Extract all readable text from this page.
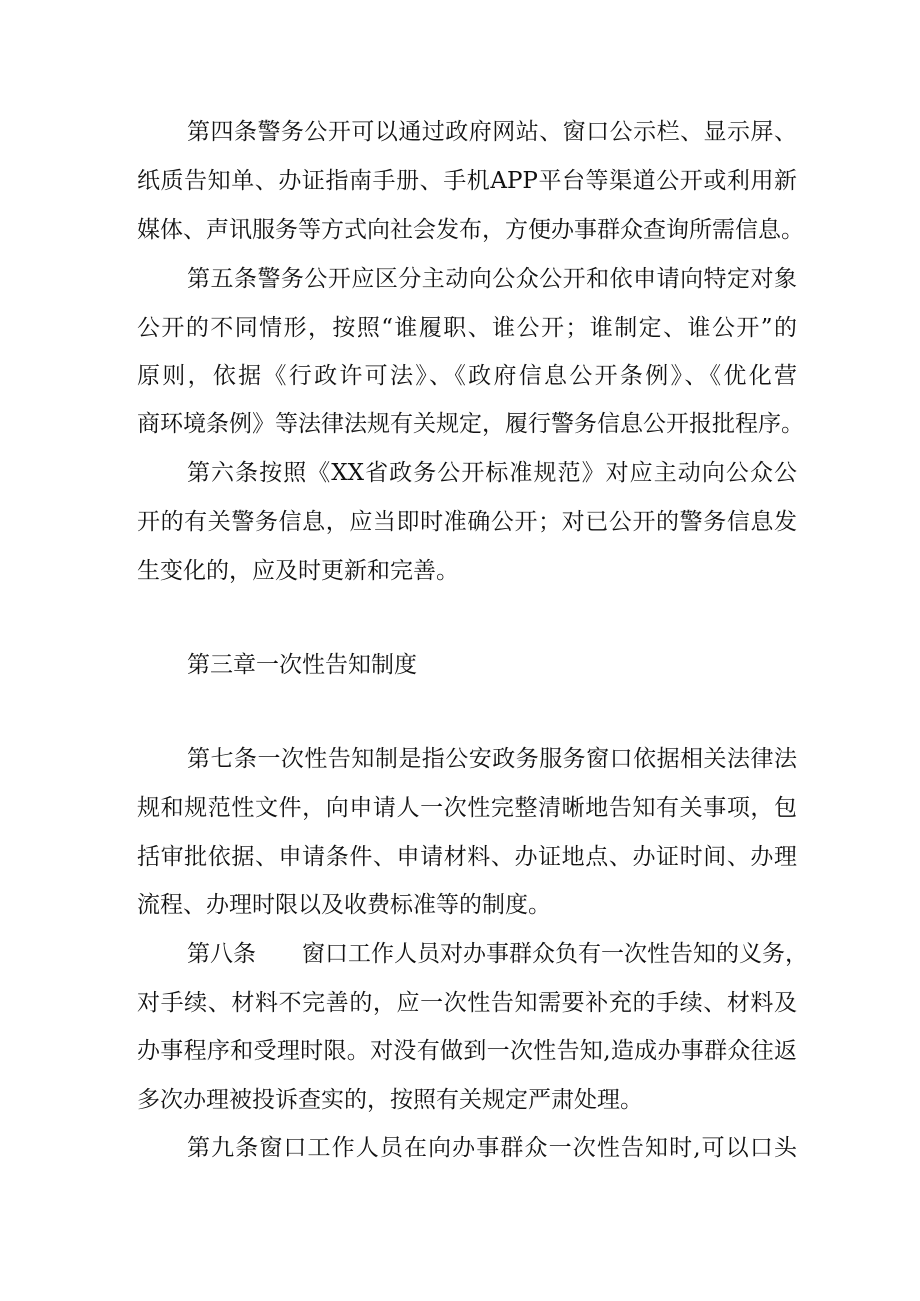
第四条警务公开可以通过政府网站、窗口公示栏、显示屏、
纸质告知单、办证指南手册、手机APP平台等渠道公开或利用新
媒体、声讯服务等方式向社会发布，方便办事群众查询所需信息。
第五条警务公开应区分主动向公众公开和依申请向特定对象
公开的不同情形，按照“谁履职、谁公开；谁制定、谁公开”的
原则，依据《行政许可法》、《政府信息公开条例》、《优化营
商环境条例》等法律法规有关规定，履行警务信息公开报批程序。
第六条按照《XX省政务公开标准规范》对应主动向公众公
开的有关警务信息，应当即时准确公开；对已公开的警务信息发
生变化的，应及时更新和完善。
第三章一次性告知制度
第七条一次性告知制是指公安政务服务窗口依据相关法律法
规和规范性文件，向申请人一次性完整清晰地告知有关事项，包
括审批依据、申请条件、申请材料、办证地点、办证时间、办理
流程、办理时限以及收费标准等的制度。
第八条　　窗口工作人员对办事群众负有一次性告知的义务，
对手续、材料不完善的，应一次性告知需要补充的手续、材料及
办事程序和受理时限。对没有做到一次性告知,造成办事群众往返
多次办理被投诉查实的，按照有关规定严肃处理。
第九条窗口工作人员在向办事群众一次性告知时,可以口头
